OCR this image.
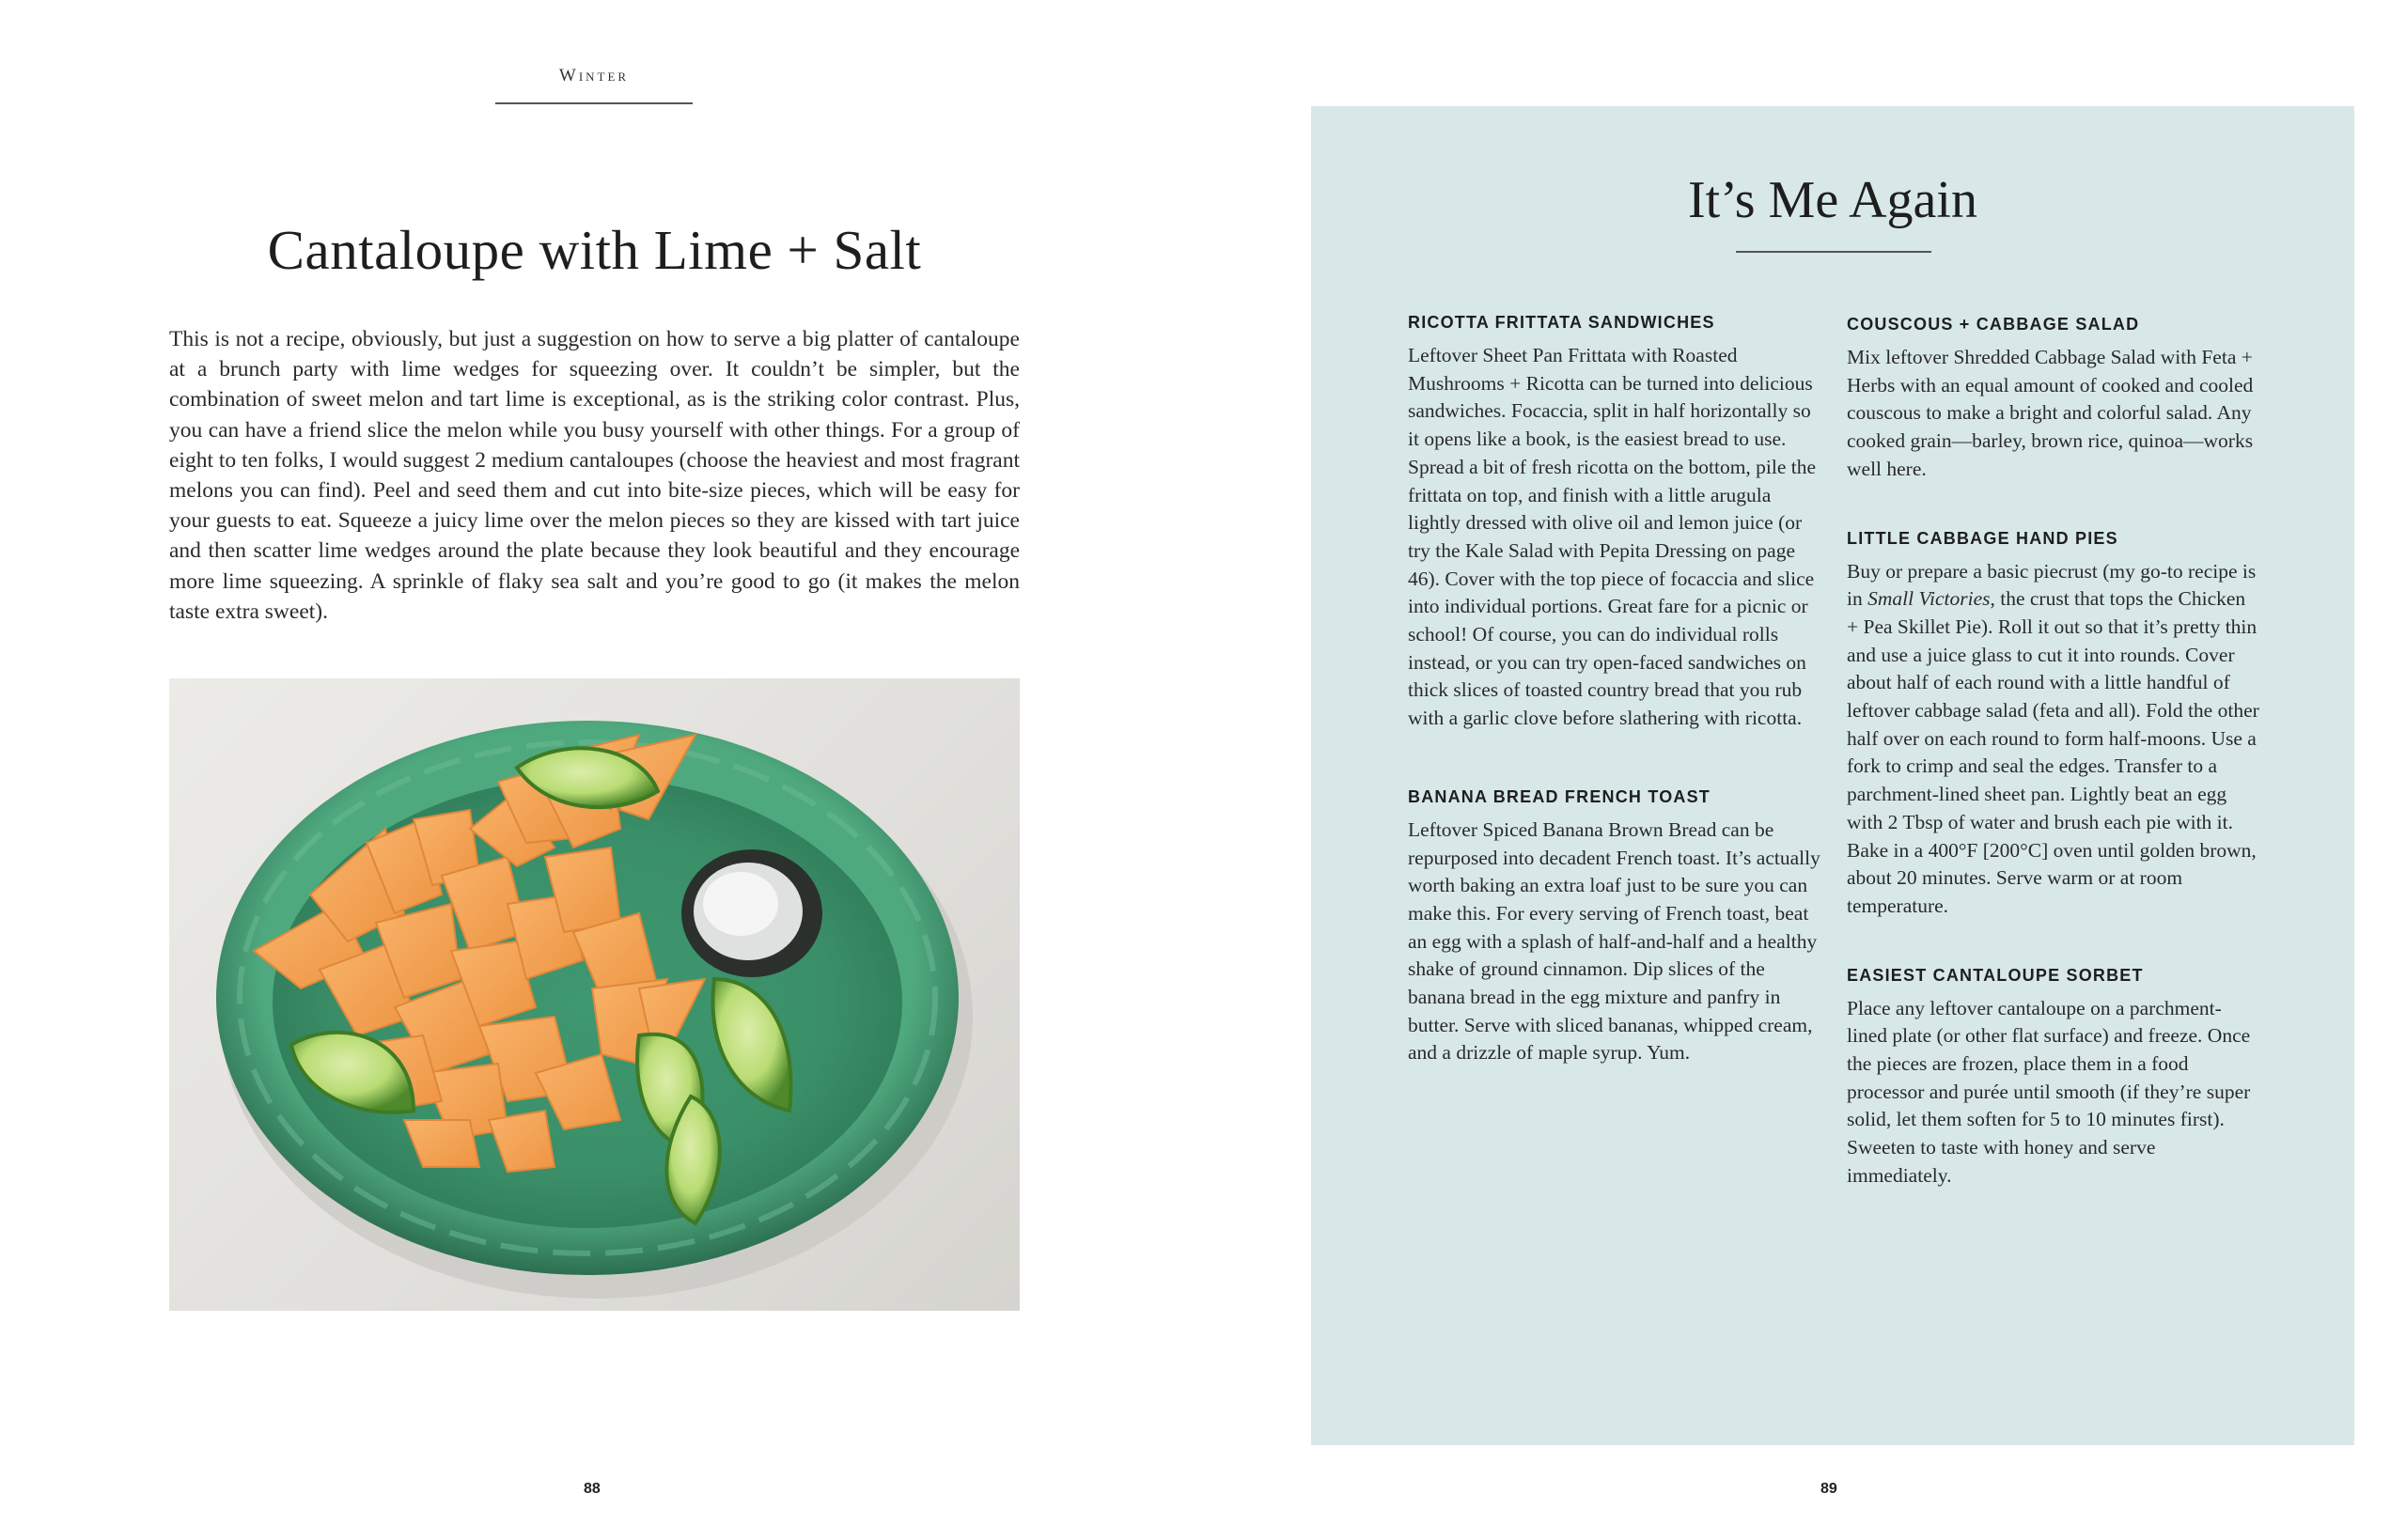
Winter
Cantaloupe with Lime + Salt

This is not a recipe, obviously, but just a suggestion on how to serve a big platter of cantaloupe at a brunch party with lime wedges for squeezing over. It couldn’t be simpler, but the combination of sweet melon and tart lime is exceptional, as is the striking color contrast. Plus, you can have a friend slice the melon while you busy yourself with other things. For a group of eight to ten folks, I would suggest 2 medium cantaloupes (choose the heaviest and most fragrant melons you can find). Peel and seed them and cut into bite-size pieces, which will be easy for your guests to eat. Squeeze a juicy lime over the melon pieces so they are kissed with tart juice and then scatter lime wedges around the plate because they look beautiful and they encourage more lime squeezing. A sprinkle of flaky sea salt and you’re good to go (it makes the melon taste extra sweet).

88
It’s Me Again
RICOTTA FRITTATA SANDWICHES

Leftover Sheet Pan Frittata with Roasted Mushrooms + Ricotta can be turned into delicious sandwiches. Focaccia, split in half horizontally so it opens like a book, is the easiest bread to use. Spread a bit of fresh ricotta on the bottom, pile the frittata on top, and finish with a little arugula lightly dressed with olive oil and lemon juice (or try the Kale Salad with Pepita Dressing on page 46). Cover with the top piece of focaccia and slice into individual portions. Great fare for a picnic or school! Of course, you can do individual rolls instead, or you can try open-faced sandwiches on thick slices of toasted country bread that you rub with a garlic clove before slathering with ricotta.

BANANA BREAD FRENCH TOAST

Leftover Spiced Banana Brown Bread can be repurposed into decadent French toast. It’s actually worth baking an extra loaf just to be sure you can make this. For every serving of French toast, beat an egg with a splash of half-and-half and a healthy shake of ground cinnamon. Dip slices of the banana bread in the egg mixture and panfry in butter. Serve with sliced bananas, whipped cream, and a drizzle of maple syrup. Yum.

COUSCOUS + CABBAGE SALAD

Mix leftover Shredded Cabbage Salad with Feta + Herbs with an equal amount of cooked and cooled couscous to make a bright and colorful salad. Any cooked grain—barley, brown rice, quinoa—works well here.

LITTLE CABBAGE HAND PIES

Buy or prepare a basic piecrust (my go-to recipe is in Small Victories, the crust that tops the Chicken + Pea Skillet Pie). Roll it out so that it’s pretty thin and use a juice glass to cut it into rounds. Cover about half of each round with a little handful of leftover cabbage salad (feta and all). Fold the other half over on each round to form half-moons. Use a fork to crimp and seal the edges. Transfer to a parchment-lined sheet pan. Lightly beat an egg with 2 Tbsp of water and brush each pie with it. Bake in a 400°F [200°C] oven until golden brown, about 20 minutes. Serve warm or at room temperature.

EASIEST CANTALOUPE SORBET

Place any leftover cantaloupe on a parchment-lined plate (or other flat surface) and freeze. Once the pieces are frozen, place them in a food processor and purée until smooth (if they’re super solid, let them soften for 5 to 10 minutes first). Sweeten to taste with honey and serve immediately.

89
